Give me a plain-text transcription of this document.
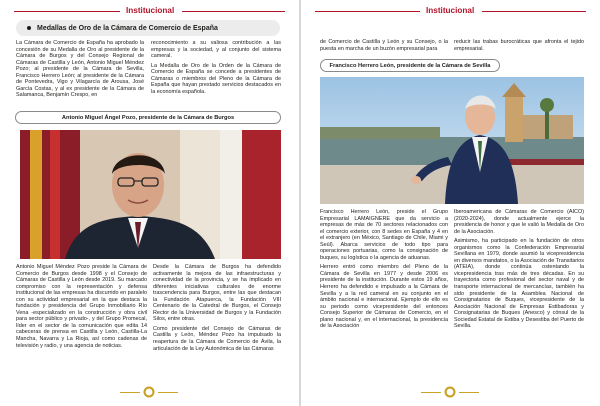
Institucional
Medallas de Oro de la Cámara de Comercio de España

La Cámara de Comercio de España ha aprobado la concesión de su Medalla de Oro al presidente de la Cámara de Burgos y del Consejo Regional de Cámaras de Castilla y León, Antonio Miguel Méndez Pozo; al presidente de la Cámara de Sevilla, Francisco Herrero León; al presidente de la Cámara de Pontevedra, Vigo y Vilagarcía de Arousa, José García Costas, y al ex presidente de la Cámara de Salamanca, Benjamín Crespo, en

reconocimiento a su valiosa contribución a las empresas y la sociedad, y al conjunto del sistema cameral.

La Medalla de Oro de la Orden de la Cámara de Comercio de España se concede a presidentes de Cámaras o miembros del Pleno de la Cámara de España que hayan prestado servicios destacados en la economía española.

Antonio Miguel Ángel Pozo, presidente de la Cámara de Burgos

Antonio Miguel Méndez Pozo preside la Cámara de Comercio de Burgos desde 1998 y el Consejo de Cámaras de Castilla y León desde 2019. Su marcado compromiso con la representación y defensa institucional de las empresas ha discurrido en paralelo con su actividad empresarial en la que destaca la fundación y presidencia del Grupo Inmobiliario Río Vena -especializado en la construcción y obra civil para sector público y privado-, y del Grupo Promecal, líder en el sector de la comunicación que edita 14 cabeceras de prensa en Castilla y León, Castilla-La Mancha, Navarra y La Rioja, así como cadenas de televisión y radio, y una agencia de noticias.

Desde la Cámara de Burgos ha defendido activamente la mejora de las infraestructuras y conectividad de la provincia, y se ha implicado en diferentes iniciativas culturales de enorme trascendencia para Burgos, entre las que destacan la Fundación Atapuerca, la Fundación VIII Centenario de la Catedral de Burgos, el Consejo Rector de la Universidad de Burgos y la Fundación Silos, entre otras.

Como presidente del Consejo de Cámaras de Castilla y León, Méndez Pozo ha impulsado la reapertura de la Cámara de Comercio de Ávila, la articulación de la Ley Autonómica de las Cámaras

Institucional

de Comercio de Castilla y León y su Consejo, o la puesta en marcha de un buzón empresarial para

reducir las trabas burocráticas que afronta el tejido empresarial.

Francisco Herrero León, presidente de la Cámara de Sevilla

Francisco Herrero León, preside el Grupo Empresarial LAMAIGNERE que da servicio a empresas de más de 70 sectores relacionados con el comercio exterior, con 8 sedes en España y 4 en el extranjero (en México, Santiago de Chile, Miami y Seúl). Abarca servicios de todo tipo para operaciones portuarias, como la consignación de buques, su logística o la agencia de aduanas.

Herrero entró como miembro del Pleno de la Cámara de Sevilla en 1977 y desde 2006 es presidente de la institución. Durante estos 19 años, Herrero ha defendido e impulsado a la Cámara de Sevilla y a la red cameral en su conjunto en el ámbito nacional e internacional. Ejemplo de ello es su periodo como vicepresidente del entonces Consejo Superior de Cámaras de Comercio, en el plano nacional y, en el internacional, la presidencia de la Asociación

Iberoamericana de Cámaras de Comercio (AICO) (2020-2024), donde actualmente ejerce la presidencia de honor y que le valió la Medalla de Oro de la Asociación.

Asimismo, ha participado en la fundación de otros organismos como la Confederación Empresarial Sevillana en 1979, donde asumió la vicepresidencia en diversos mandatos, o la Asociación de Transitarios (ATEIA), donde continúa ostentando la vicepresidencia tras más de tres décadas. En su trayectoria como profesional del sector naval y de transporte internacional de mercancías, también ha sido presidente de la Asamblea Nacional de Consignatarios de Buques, vicepresidente de la Asociación Nacional de Empresas Estibadoras y Consignatarias de Buques (Anesco) y cónsul de la Sociedad Estatal de Estiba y Desestiba del Puerto de Sevilla.
